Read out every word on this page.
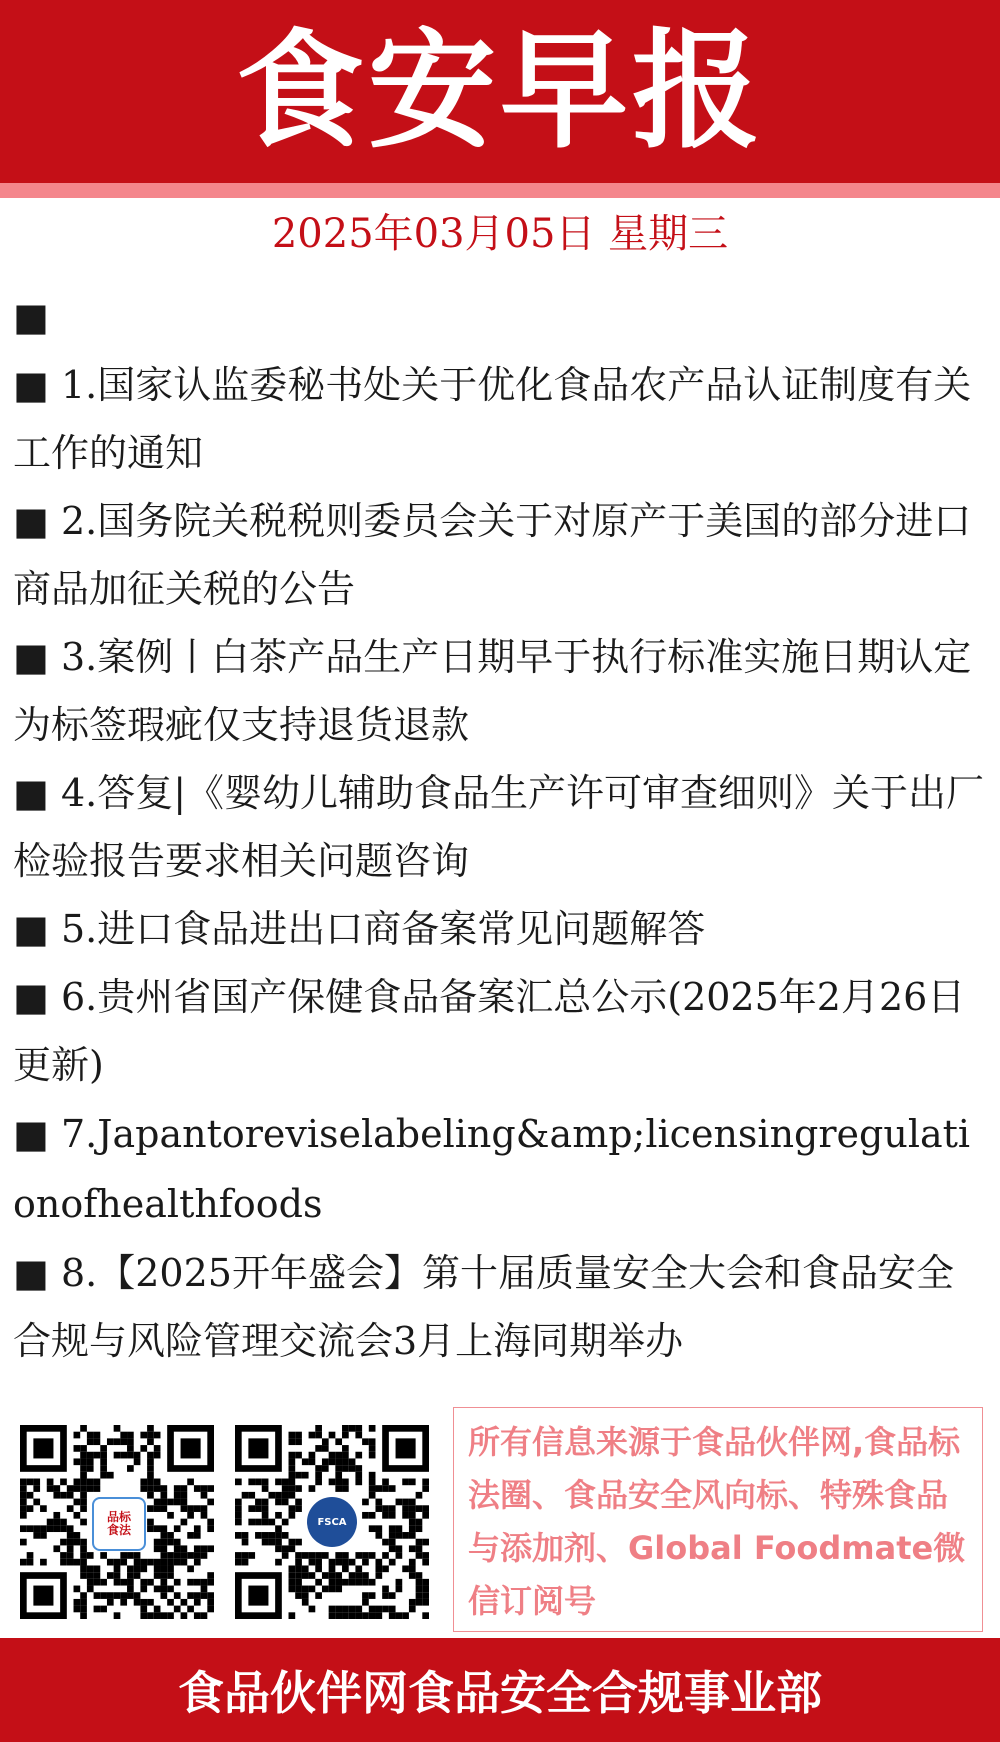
食安早报
2025年03月05日 星期三

■

■ 1.国家认监委秘书处关于优化食品农产品认证制度有关工作的通知

■ 2.国务院关税税则委员会关于对原产于美国的部分进口商品加征关税的公告

■ 3.案例丨白茶产品生产日期早于执行标准实施日期认定为标签瑕疵仅支持退货退款

■ 4.答复|《婴幼儿辅助食品生产许可审查细则》关于出厂检验报告要求相关问题咨询

■ 5.进口食品进出口商备案常见问题解答

■ 6.贵州省国产保健食品备案汇总公示(2025年2月26日更新)

■ 7.Japantoreviselabeling&amp;licensingregulationofhealthfoods

■ 8.【2025开年盛会】第十届质量安全大会和食品安全合规与风险管理交流会3月上海同期举办

品标食法
FSCA
所有信息来源于食品伙伴网,食品标法圈、食品安全风向标、特殊食品与添加剂、Global Foodmate微信订阅号
食品伙伴网食品安全合规事业部
